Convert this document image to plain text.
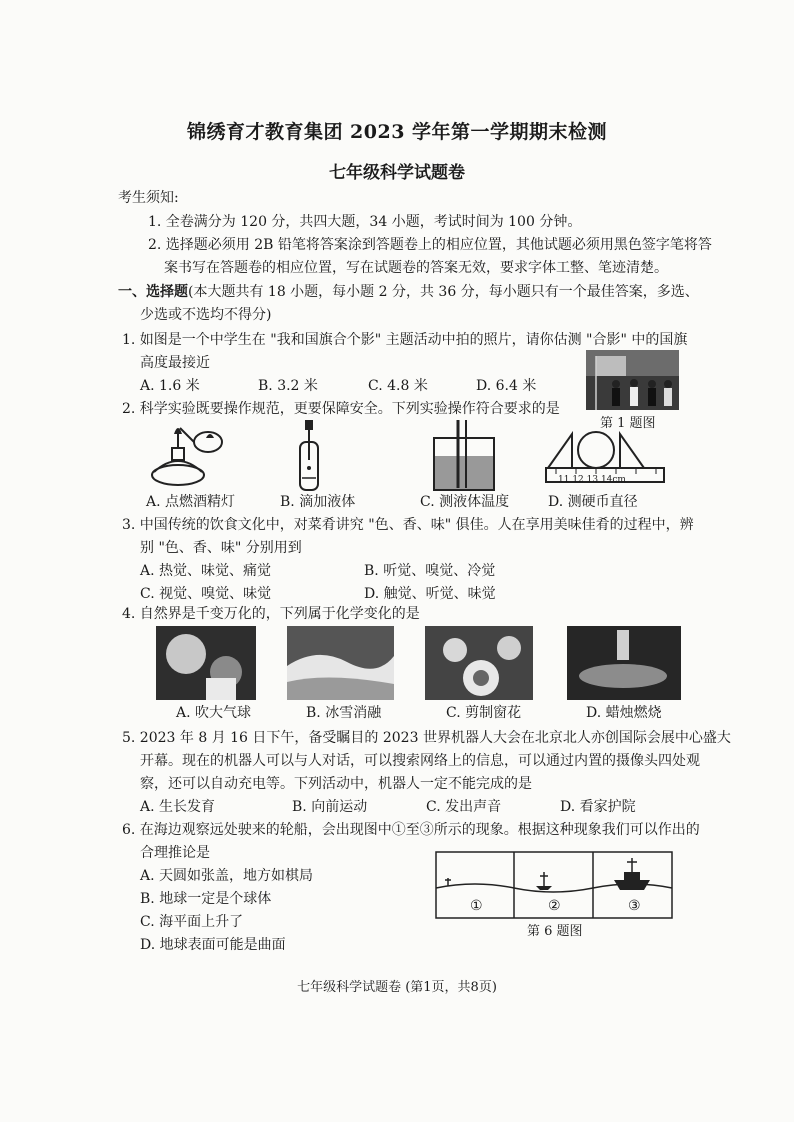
锦绣育才教育集团 2023 学年第一学期期末检测
七年级科学试题卷
考生须知:
1. 全卷满分为 120 分，共四大题，34 小题，考试时间为 100 分钟。
2. 选择题必须用 2B 铅笔将答案涂到答题卷上的相应位置，其他试题必须用黑色签字笔将答
案书写在答题卷的相应位置，写在试题卷的答案无效，要求字体工整、笔迹清楚。
一、选择题(本大题共有 18 小题，每小题 2 分，共 36 分，每小题只有一个最佳答案，多选、
少选或不选均不得分)
1. 如图是一个中学生在 "我和国旗合个影" 主题活动中拍的照片，请你估测 "合影" 中的国旗
高度最接近
A. 1.6 米	B. 3.2 米	C. 4.8 米	D. 6.4 米
第 1 题图
2. 科学实验既要操作规范，更要保障安全。下列实验操作符合要求的是
11 12 13 14cm
A. 点燃酒精灯	B. 滴加液体	C. 测液体温度	D. 测硬币直径
3. 中国传统的饮食文化中，对菜肴讲究 "色、香、味" 俱佳。人在享用美味佳肴的过程中，辨
别 "色、香、味" 分别用到
A. 热觉、味觉、痛觉	B. 听觉、嗅觉、冷觉
C. 视觉、嗅觉、味觉	D. 触觉、听觉、味觉
4. 自然界是千变万化的，下列属于化学变化的是
A. 吹大气球	B. 冰雪消融	C. 剪制窗花	D. 蜡烛燃烧
5. 2023 年 8 月 16 日下午，备受瞩目的 2023 世界机器人大会在北京北人亦创国际会展中心盛大
开幕。现在的机器人可以与人对话，可以搜索网络上的信息，可以通过内置的摄像头四处观
察，还可以自动充电等。下列活动中，机器人一定不能完成的是
A. 生长发育	B. 向前运动	C. 发出声音	D. 看家护院
6. 在海边观察远处驶来的轮船，会出现图中①至③所示的现象。根据这种现象我们可以作出的
合理推论是
A. 天圆如张盖，地方如棋局
B. 地球一定是个球体
C. 海平面上升了
D. 地球表面可能是曲面
①	②	③
第 6 题图
七年级科学试题卷 (第1页，共8页)
